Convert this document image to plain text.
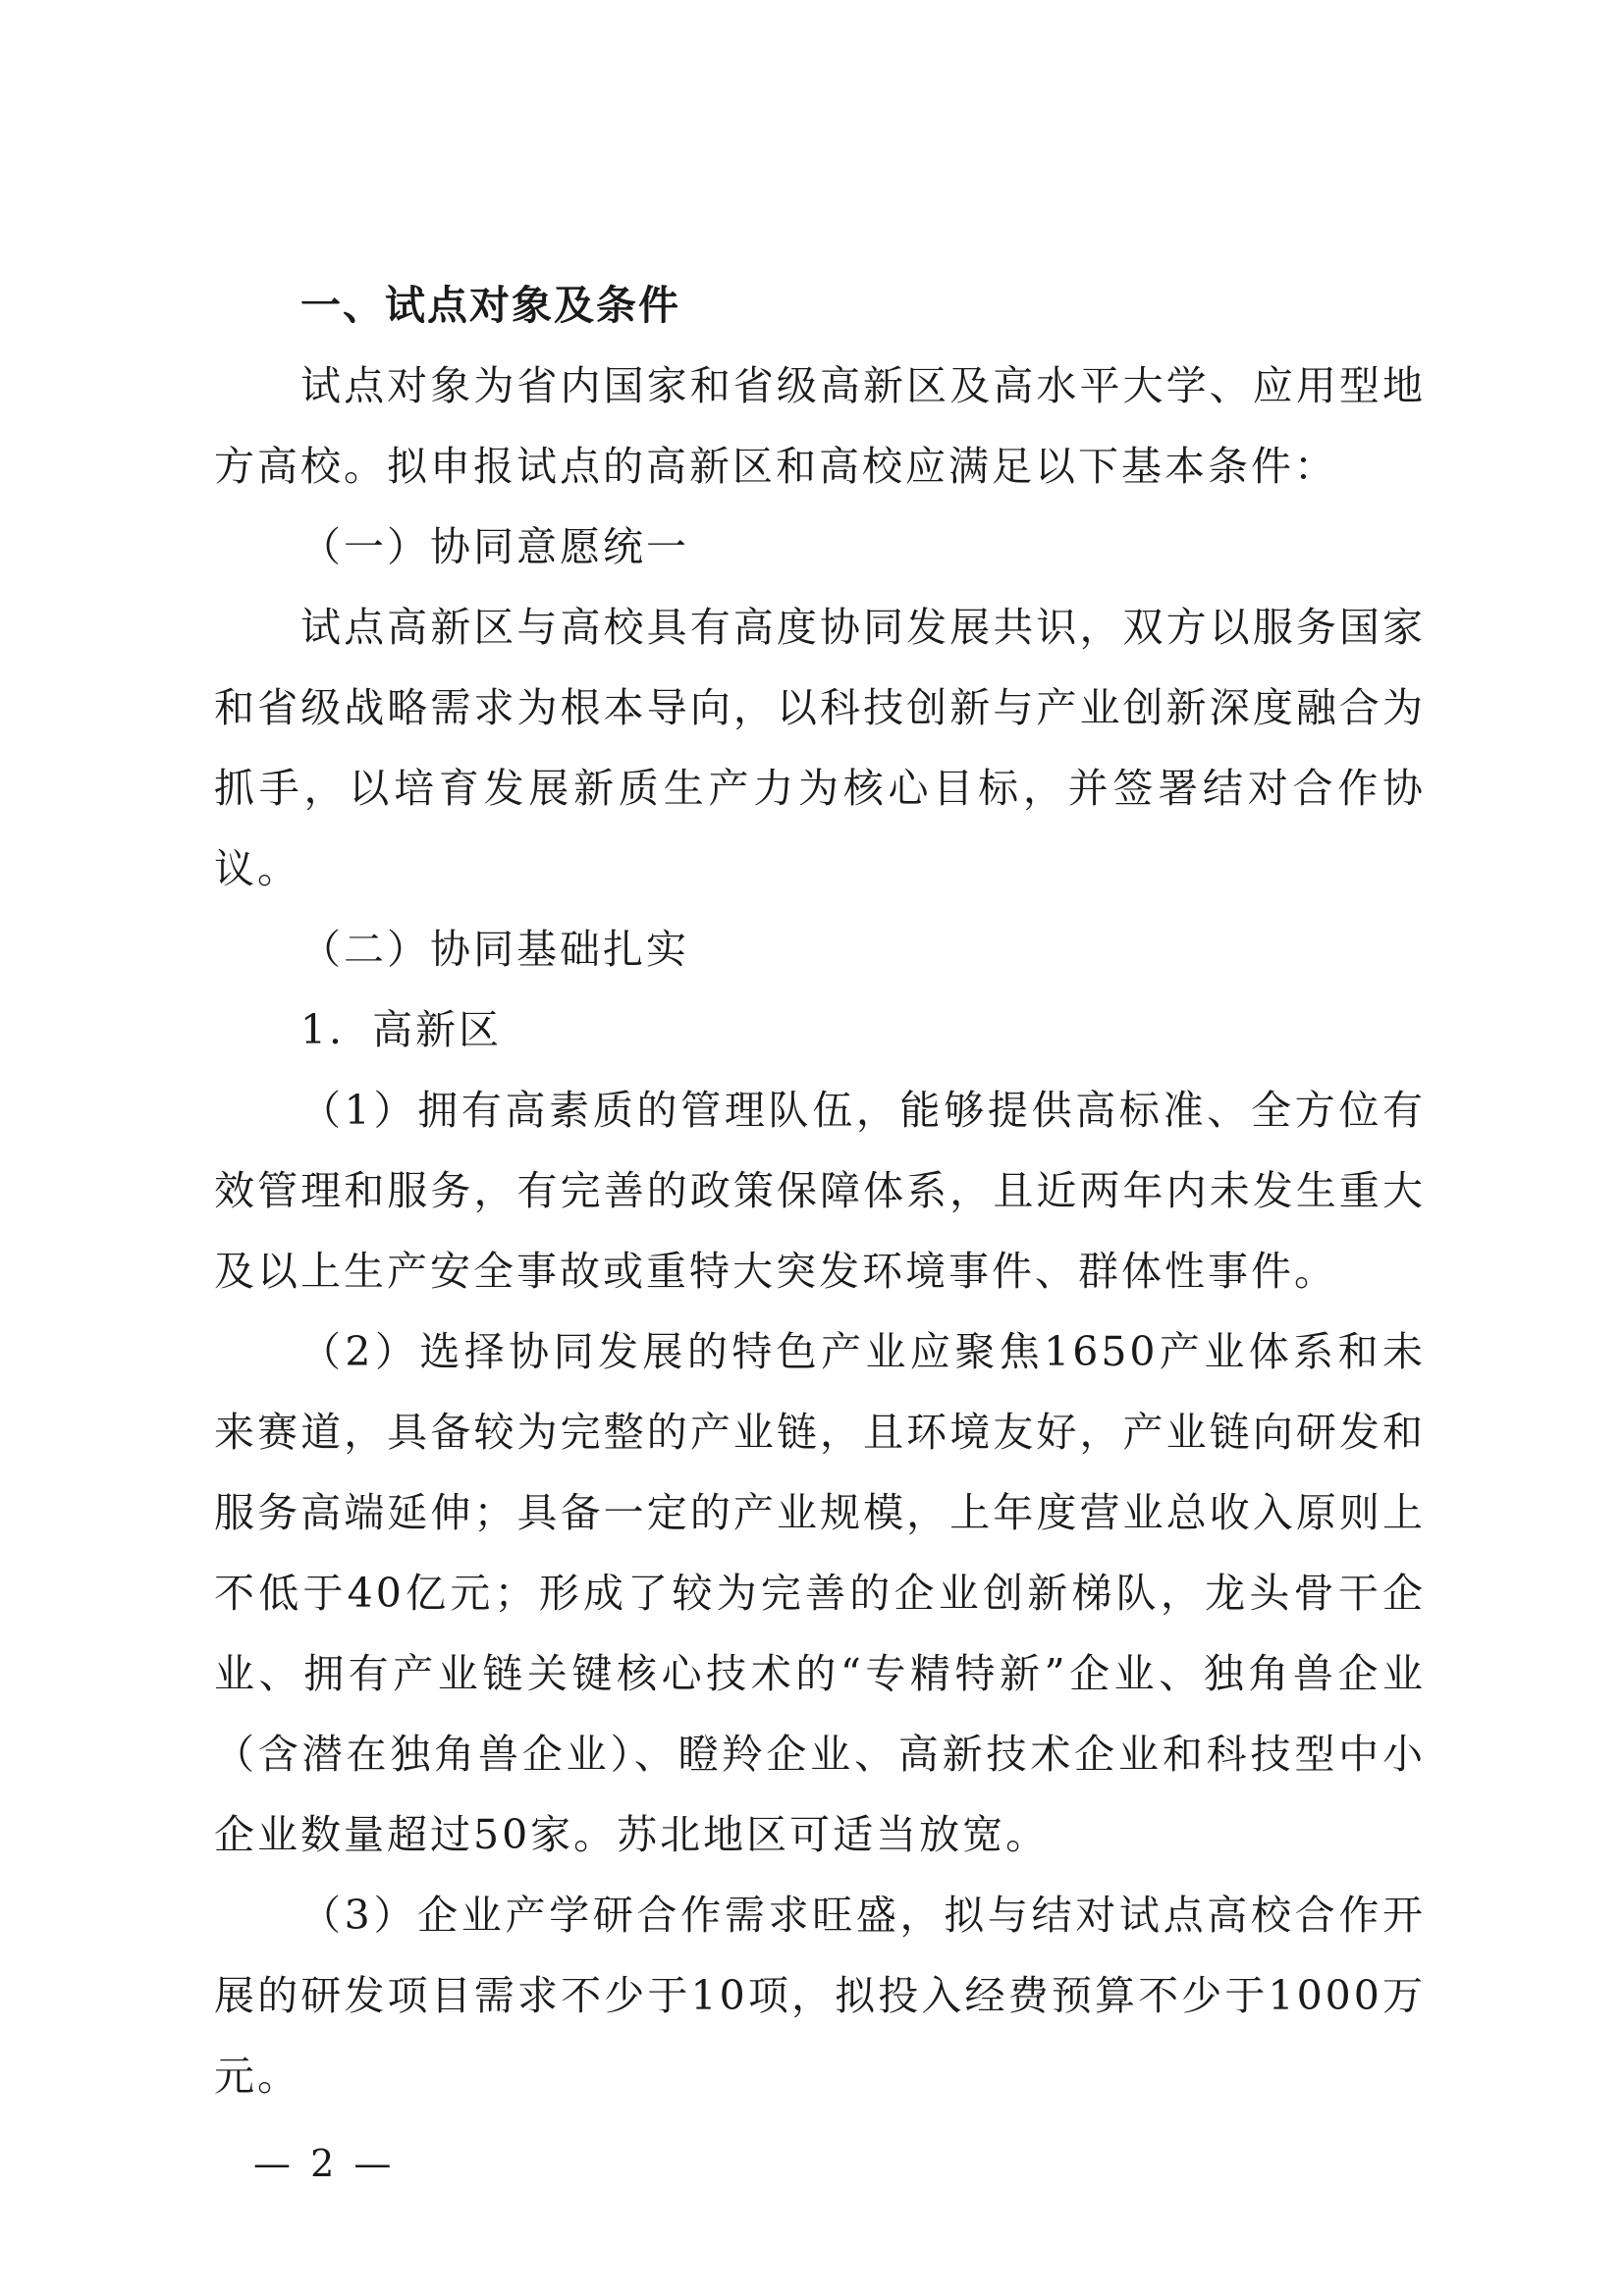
一、试点对象及条件

试点对象为省内国家和省级高新区及高水平大学、应用型地方高校。拟申报试点的高新区和高校应满足以下基本条件：

（一）协同意愿统一

试点高新区与高校具有高度协同发展共识，双方以服务国家和省级战略需求为根本导向，以科技创新与产业创新深度融合为抓手，以培育发展新质生产力为核心目标，并签署结对合作协议。

（二）协同基础扎实

1．高新区

（1）拥有高素质的管理队伍，能够提供高标准、全方位有效管理和服务，有完善的政策保障体系，且近两年内未发生重大及以上生产安全事故或重特大突发环境事件、群体性事件。

（2）选择协同发展的特色产业应聚焦1650产业体系和未来赛道，具备较为完整的产业链，且环境友好，产业链向研发和服务高端延伸；具备一定的产业规模，上年度营业总收入原则上不低于40亿元；形成了较为完善的企业创新梯队，龙头骨干企业、拥有产业链关键核心技术的“专精特新”企业、独角兽企业（含潜在独角兽企业）、瞪羚企业、高新技术企业和科技型中小企业数量超过50家。苏北地区可适当放宽。

（3）企业产学研合作需求旺盛，拟与结对试点高校合作开展的研发项目需求不少于10项，拟投入经费预算不少于1000万元。

— 2 —
